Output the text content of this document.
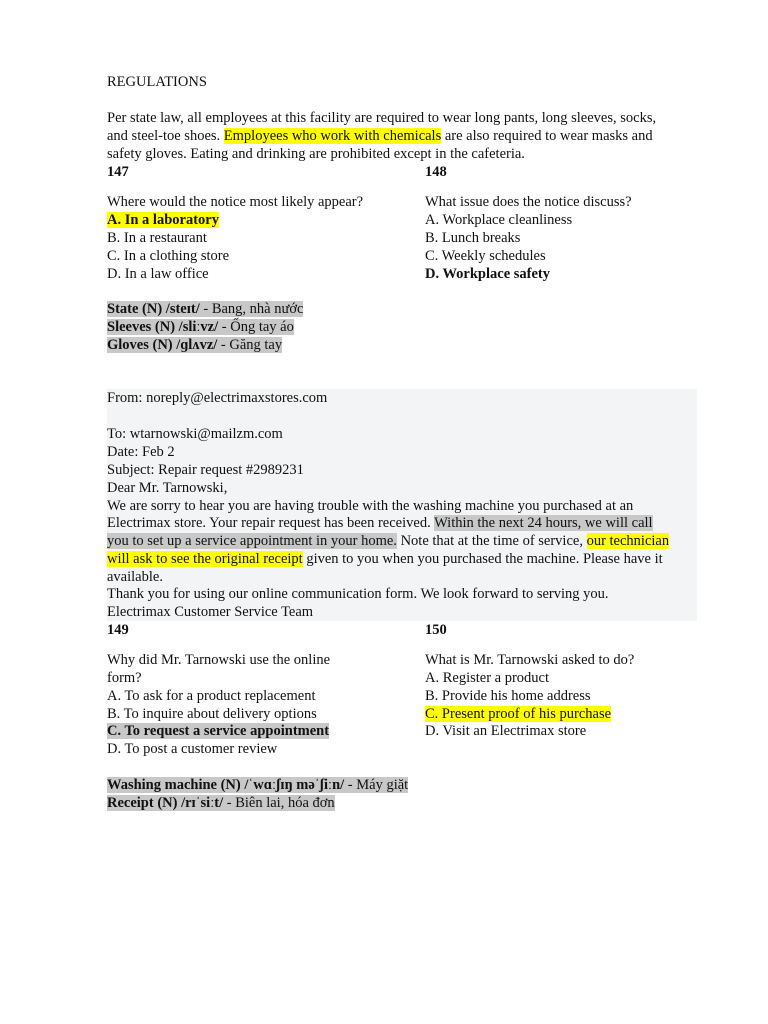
REGULATIONS
Per state law, all employees at this facility are required to wear long pants, long sleeves, socks,
and steel-toe shoes. Employees who work with chemicals are also required to wear masks and
safety gloves. Eating and drinking are prohibited except in the cafeteria.
147
Where would the notice most likely appear?
A. In a laboratory
B. In a restaurant
C. In a clothing store
D. In a law office
148
What issue does the notice discuss?
A. Workplace cleanliness
B. Lunch breaks
C. Weekly schedules
D. Workplace safety
State (N) /steɪt/ - Bang, nhà nước
Sleeves (N) /sliːvz/ - Ống tay áo
Gloves (N) /ɡlʌvz/ - Găng tay
From: noreply@electrimaxstores.com
To: wtarnowski@mailzm.com
Date: Feb 2
Subject: Repair request #2989231
Dear Mr. Tarnowski,
We are sorry to hear you are having trouble with the washing machine you purchased at an
Electrimax store. Your repair request has been received. Within the next 24 hours, we will call
you to set up a service appointment in your home. Note that at the time of service, our technician
will ask to see the original receipt given to you when you purchased the machine. Please have it
available.
Thank you for using our online communication form. We look forward to serving you.
Electrimax Customer Service Team
149
Why did Mr. Tarnowski use the online
form?
A. To ask for a product replacement
B. To inquire about delivery options
C. To request a service appointment
D. To post a customer review
150
What is Mr. Tarnowski asked to do?
A. Register a product
B. Provide his home address
C. Present proof of his purchase
D. Visit an Electrimax store
Washing machine (N) /ˈwɑːʃɪŋ məˈʃiːn/ - Máy giặt
Receipt (N) /rɪˈsiːt/ - Biên lai, hóa đơn
